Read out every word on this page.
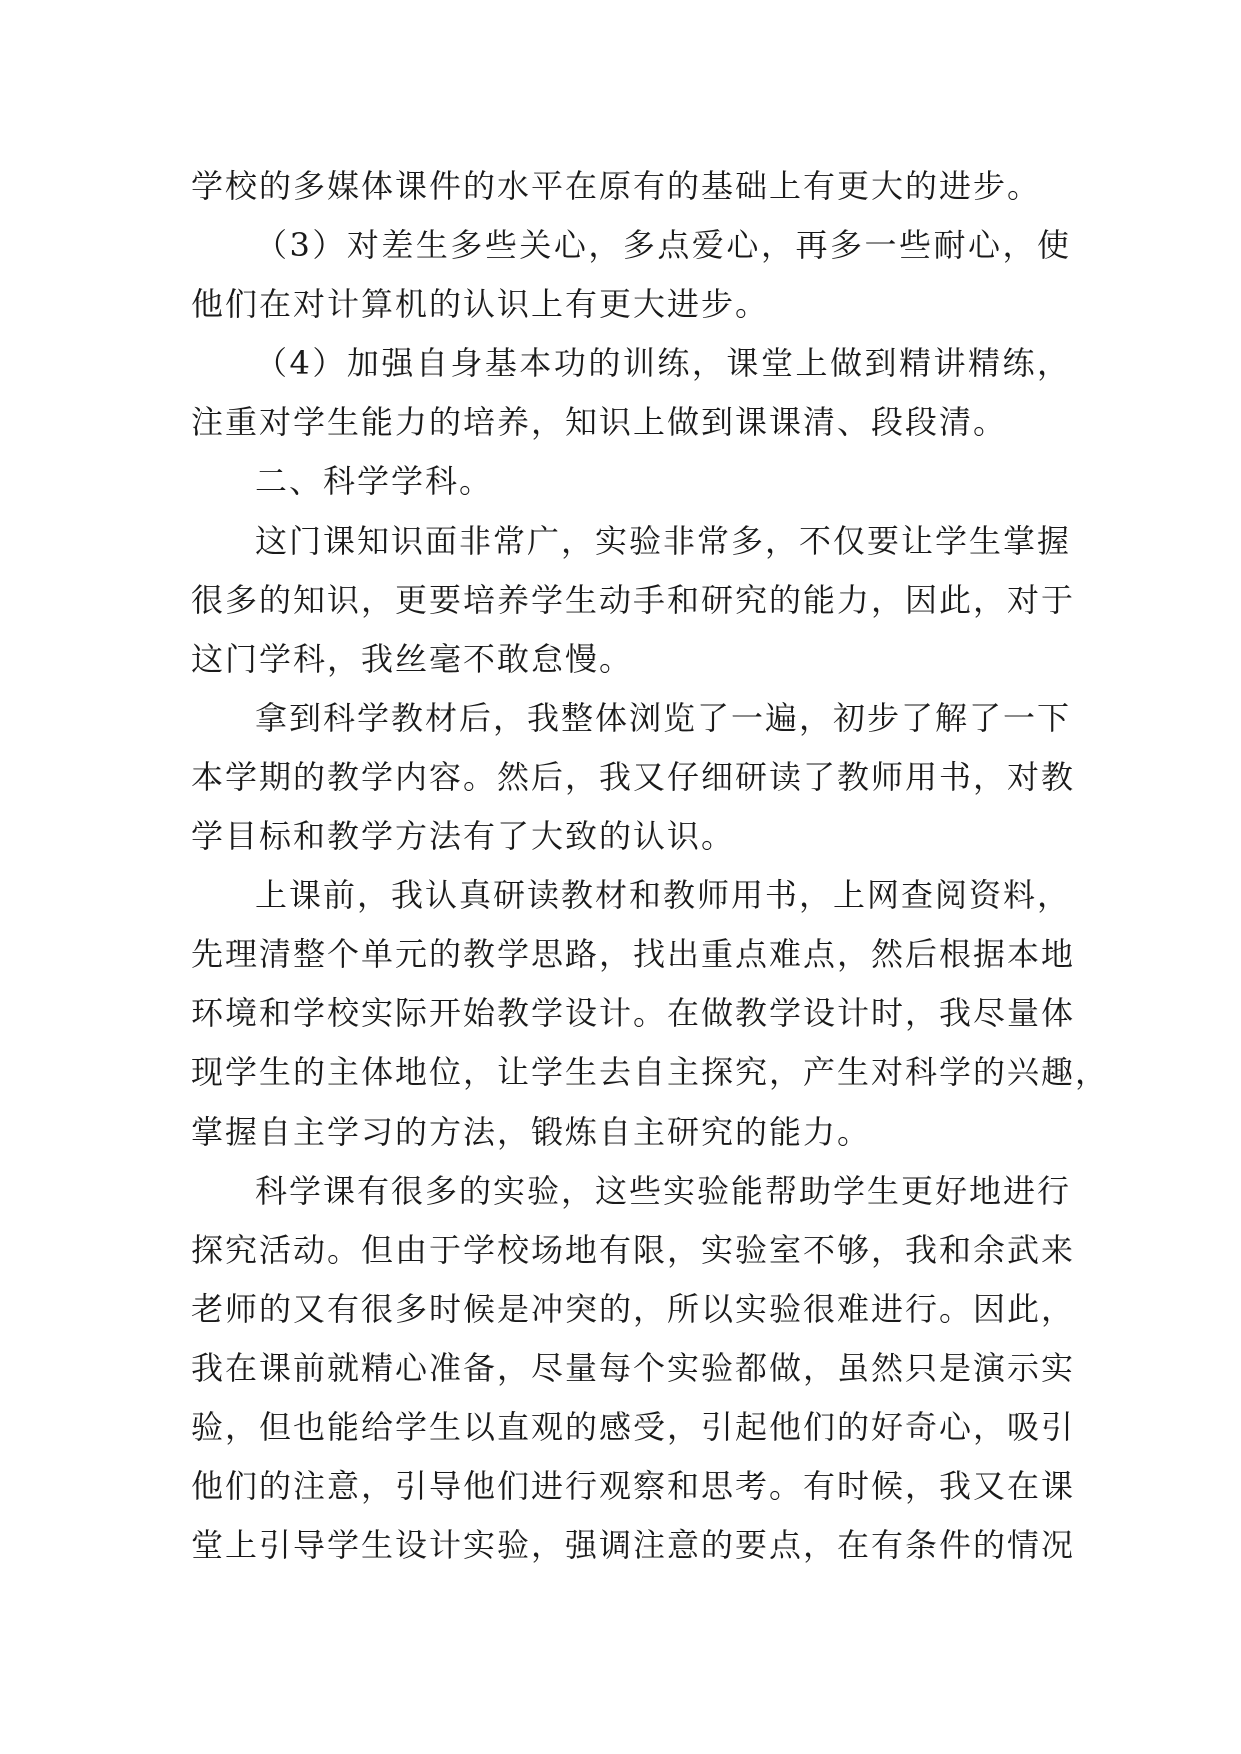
学校的多媒体课件的水平在原有的基础上有更大的进步。
（3）对差生多些关心，多点爱心，再多一些耐心，使
他们在对计算机的认识上有更大进步。
（4）加强自身基本功的训练，课堂上做到精讲精练，
注重对学生能力的培养，知识上做到课课清、段段清。
二、科学学科。
这门课知识面非常广，实验非常多，不仅要让学生掌握
很多的知识，更要培养学生动手和研究的能力，因此，对于
这门学科，我丝毫不敢怠慢。
拿到科学教材后，我整体浏览了一遍，初步了解了一下
本学期的教学内容。然后，我又仔细研读了教师用书，对教
学目标和教学方法有了大致的认识。
上课前，我认真研读教材和教师用书，上网查阅资料，
先理清整个单元的教学思路，找出重点难点，然后根据本地
环境和学校实际开始教学设计。在做教学设计时，我尽量体
现学生的主体地位，让学生去自主探究，产生对科学的兴趣，
掌握自主学习的方法，锻炼自主研究的能力。
科学课有很多的实验，这些实验能帮助学生更好地进行
探究活动。但由于学校场地有限，实验室不够，我和余武来
老师的又有很多时候是冲突的，所以实验很难进行。因此，
我在课前就精心准备，尽量每个实验都做，虽然只是演示实
验，但也能给学生以直观的感受，引起他们的好奇心，吸引
他们的注意，引导他们进行观察和思考。有时候，我又在课
堂上引导学生设计实验，强调注意的要点，在有条件的情况
